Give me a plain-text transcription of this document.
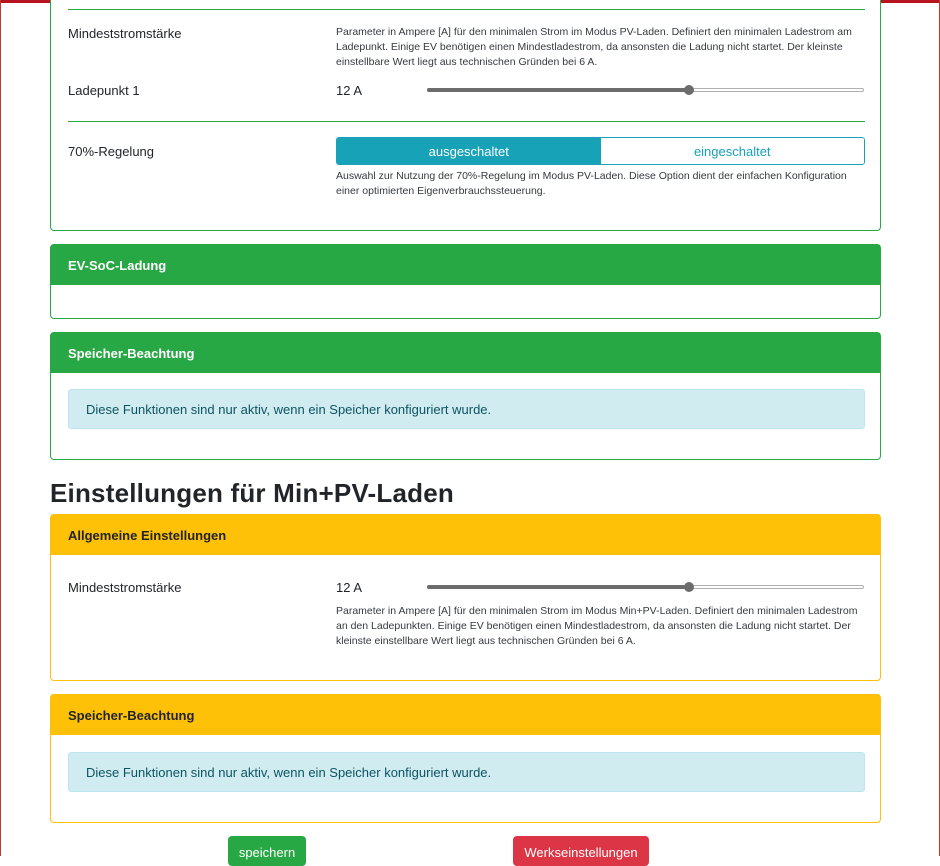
Mindeststromstärke	Parameter in Ampere [A] für den minimalen Strom im Modus PV-Laden. Definiert den minimalen Ladestrom am Ladepunkt. Einige EV benötigen einen Mindestladestrom, da ansonsten die Ladung nicht startet. Der kleinste einstellbare Wert liegt aus technischen Gründen bei 6 A.
Ladepunkt 1	12 A
70%-Regelung	ausgeschaltet	eingeschaltet
Auswahl zur Nutzung der 70%-Regelung im Modus PV-Laden. Diese Option dient der einfachen Konfiguration einer optimierten Eigenverbrauchssteuerung.
EV-SoC-Ladung
Speicher-Beachtung
Diese Funktionen sind nur aktiv, wenn ein Speicher konfiguriert wurde.
Einstellungen für Min+PV-Laden
Allgemeine Einstellungen
Mindeststromstärke	12 A
Parameter in Ampere [A] für den minimalen Strom im Modus Min+PV-Laden. Definiert den minimalen Ladestrom an den Ladepunkten. Einige EV benötigen einen Mindestladestrom, da ansonsten die Ladung nicht startet. Der kleinste einstellbare Wert liegt aus technischen Gründen bei 6 A.
Speicher-Beachtung
Diese Funktionen sind nur aktiv, wenn ein Speicher konfiguriert wurde.
speichern	Werkseinstellungen
